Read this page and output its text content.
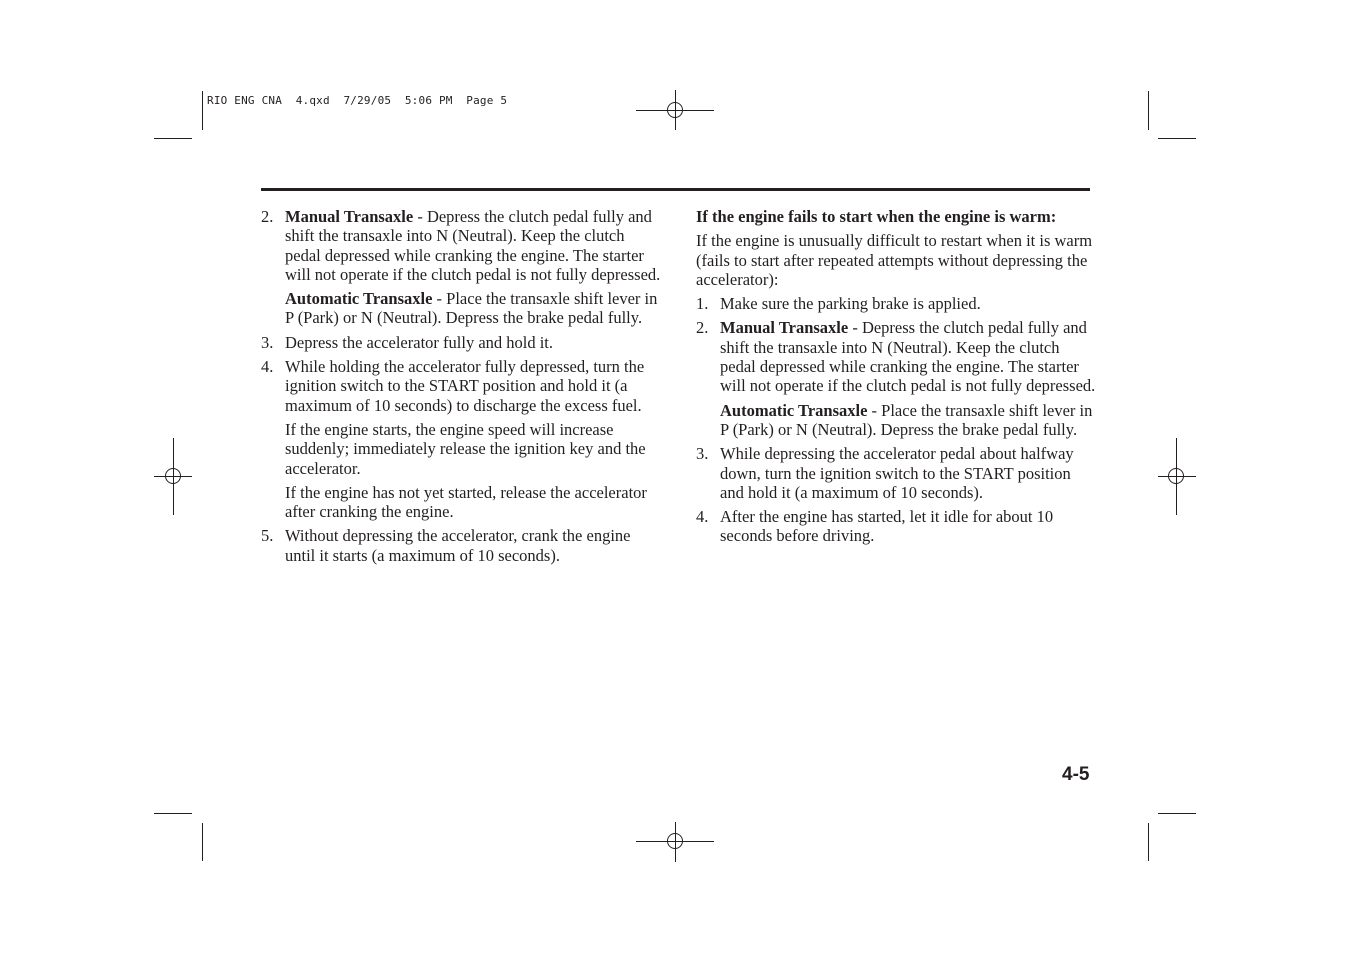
RIO ENG CNA  4.qxd  7/29/05  5:06 PM  Page 5
2. Manual Transaxle - Depress the clutch pedal fully and shift the transaxle into N (Neutral). Keep the clutch pedal depressed while cranking the engine. The starter will not operate if the clutch pedal is not fully depressed.
Automatic Transaxle - Place the transaxle shift lever in P (Park) or N (Neutral). Depress the brake pedal fully.
3. Depress the accelerator fully and hold it.
4. While holding the accelerator fully depressed, turn the ignition switch to the START position and hold it (a maximum of 10 seconds) to discharge the excess fuel.
If the engine starts, the engine speed will increase suddenly; immediately release the ignition key and the accelerator.
If the engine has not yet started, release the accelerator after cranking the engine.
5. Without depressing the accelerator, crank the engine until it starts (a maximum of 10 seconds).
If the engine fails to start when the engine is warm:
If the engine is unusually difficult to restart when it is warm (fails to start after repeated attempts without depressing the accelerator):
1. Make sure the parking brake is applied.
2. Manual Transaxle - Depress the clutch pedal fully and shift the transaxle into N (Neutral). Keep the clutch pedal depressed while cranking the engine. The starter will not operate if the clutch pedal is not fully depressed.
Automatic Transaxle - Place the transaxle shift lever in P (Park) or N (Neutral). Depress the brake pedal fully.
3. While depressing the accelerator pedal about halfway down, turn the ignition switch to the START position and hold it (a maximum of 10 seconds).
4. After the engine has started, let it idle for about 10 seconds before driving.
4-5
